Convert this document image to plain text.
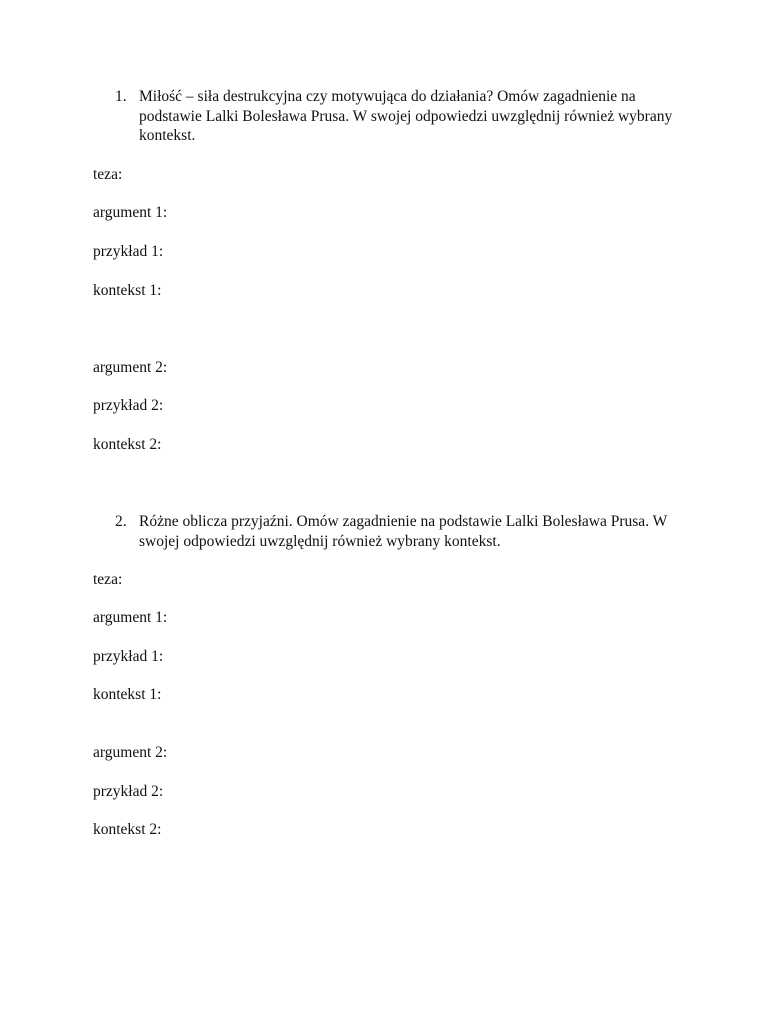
1. Miłość – siła destrukcyjna czy motywująca do działania? Omów zagadnienie na podstawie Lalki Bolesława Prusa. W swojej odpowiedzi uwzględnij również wybrany kontekst.
teza:
argument 1:
przykład 1:
kontekst 1:
argument 2:
przykład 2:
kontekst 2:
2. Różne oblicza przyjaźni. Omów zagadnienie na podstawie Lalki Bolesława Prusa. W swojej odpowiedzi uwzględnij również wybrany kontekst.
teza:
argument 1:
przykład 1:
kontekst 1:
argument 2:
przykład 2:
kontekst 2:
